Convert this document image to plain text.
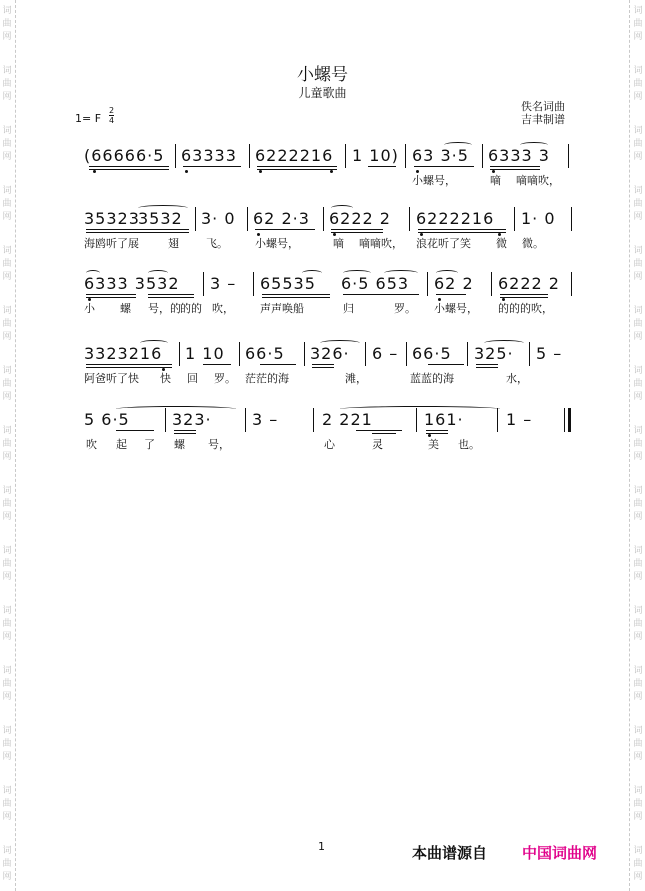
词
曲
网
词
曲
网
词
曲
网
词
曲
网
词
曲
网
词
曲
网
词
曲
网
词
曲
网
词
曲
网
词
曲
网
词
曲
网
词
曲
网
词
曲
网
词
曲
网
词
曲
网
词
曲
网
词
曲
网
词
曲
网
词
曲
网
词
曲
网
词
曲
网
词
曲
网
词
曲
网
词
曲
网
词
曲
网
词
曲
网
词
曲
网
词
曲
网
词
曲
网
词
曲
网
小螺号
儿童歌曲
佚名词曲
吉聿制谱
1= F
2
4
(66666·5 63333 6222216 1 10) 63 3·5 6333 3
小螺号，	嘀 嘀嘀吹，
35323
3532 3· 0 62 2·3 6222 2 6222216 1· 0
海鸥听了展	翅 飞。 小螺号，	嘀 嘀嘀吹， 浪花听了笑 微 微。
6333 3532 3 – 65535 6·5 653 62 2 6222 2
小 螺 号，的 的的 吹， 声声唤船	归	罗。 小螺号， 的的的吹，
3323216 1 10 66·5 326· 6 – 66·5 325· 5 –
阿爸听了快 快 回 罗。 茫茫的海	滩，	蓝蓝的海	水，
5 6·5	323·	3 –	2 221	161·	1 –
吹 起 了 螺 号，	心	灵	美 也。
1	本曲谱源自 中国词曲网
